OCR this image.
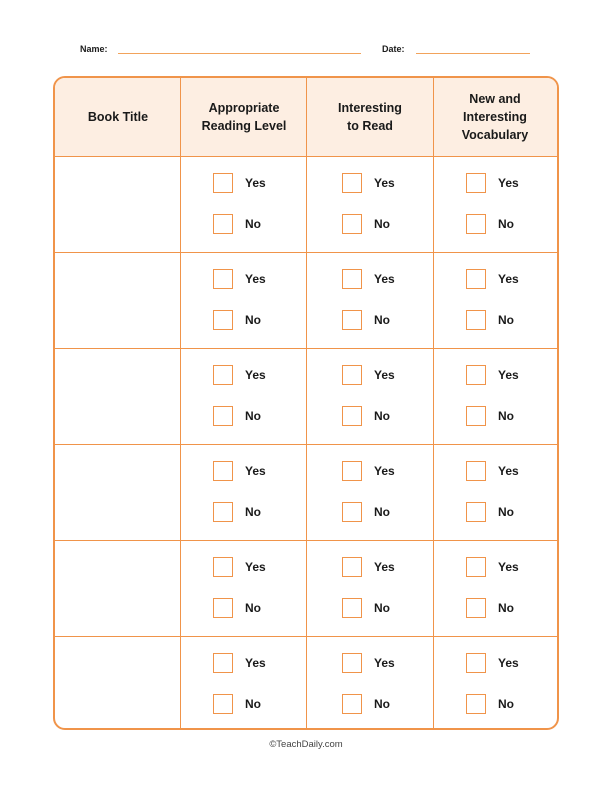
Name:	Date:
Book Title
Appropriate
Reading Level
Interesting
to Read
New and
Interesting
Vocabulary
Yes
No
Yes
No
Yes
No
Yes
No
Yes
No
Yes
No
Yes
No
Yes
No
Yes
No
Yes
No
Yes
No
Yes
No
Yes
No
Yes
No
Yes
No
Yes
No
Yes
No
Yes
No
©TeachDaily.com
